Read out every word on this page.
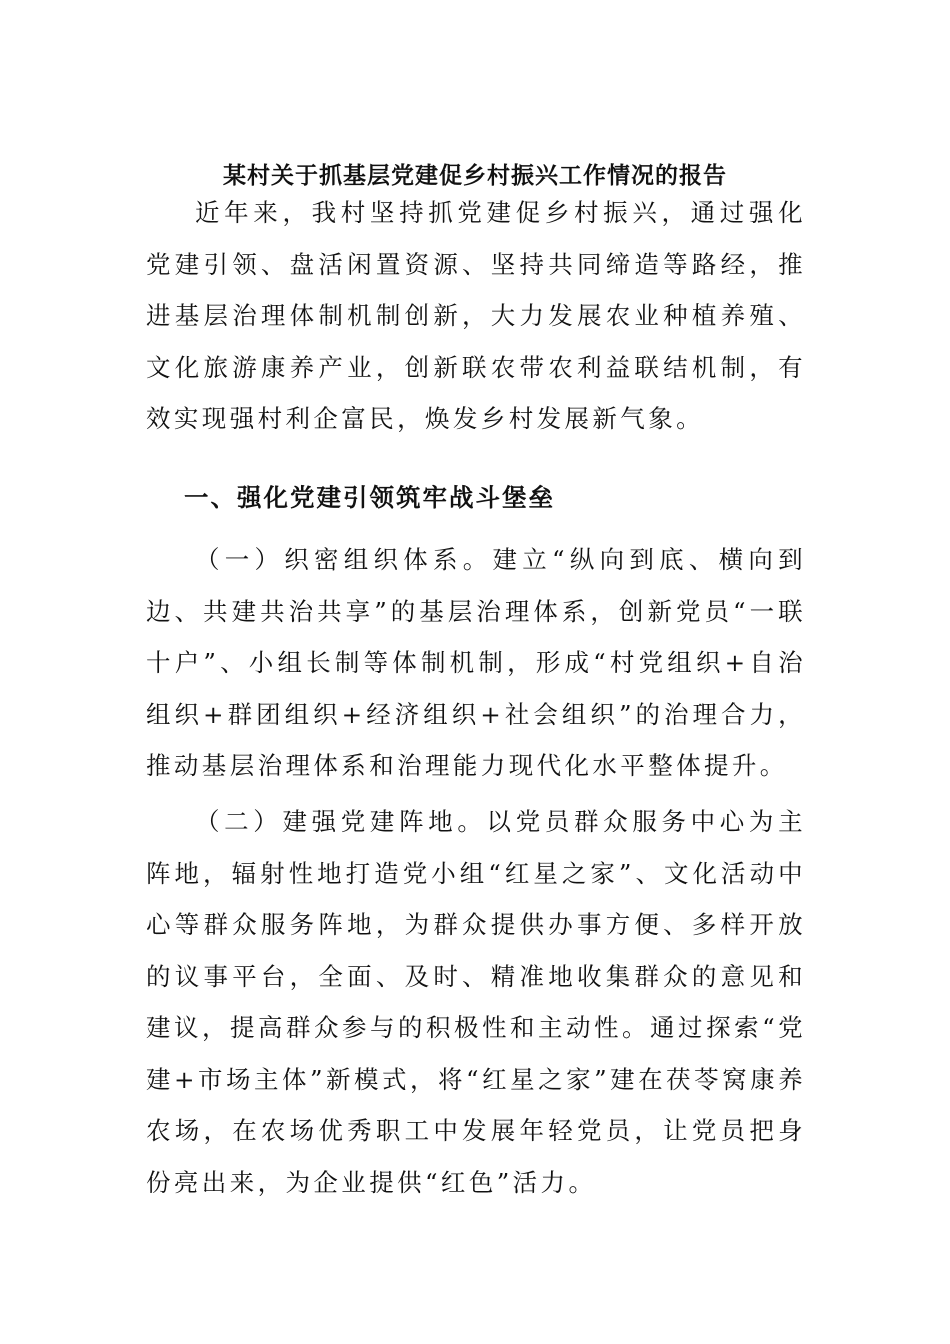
某村关于抓基层党建促乡村振兴工作情况的报告

近年来，我村坚持抓党建促乡村振兴，通过强化党建引领、盘活闲置资源、坚持共同缔造等路经，推进基层治理体制机制创新，大力发展农业种植养殖、文化旅游康养产业，创新联农带农利益联结机制，有效实现强村利企富民，焕发乡村发展新气象。

一、强化党建引领筑牢战斗堡垒

（一）织密组织体系。建立“纵向到底、横向到边、共建共治共享”的基层治理体系，创新党员“一联十户”、小组长制等体制机制，形成“村党组织+自治组织+群团组织+经济组织+社会组织”的治理合力，推动基层治理体系和治理能力现代化水平整体提升。

（二）建强党建阵地。以党员群众服务中心为主阵地，辐射性地打造党小组“红星之家”、文化活动中心等群众服务阵地，为群众提供办事方便、多样开放的议事平台，全面、及时、精准地收集群众的意见和建议，提高群众参与的积极性和主动性。通过探索“党建+市场主体”新模式，将“红星之家”建在茯苓窝康养农场，在农场优秀职工中发展年轻党员，让党员把身份亮出来，为企业提供“红色”活力。
